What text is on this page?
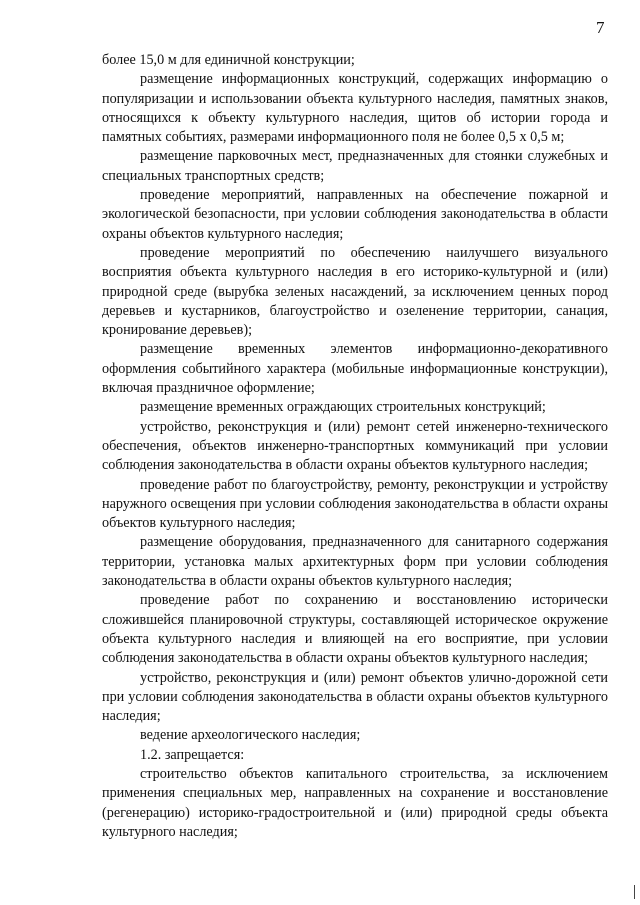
7

более 15,0 м для единичной конструкции;

размещение информационных конструкций, содержащих информацию о популяризации и использовании объекта культурного наследия, памятных знаков, относящихся к объекту культурного наследия, щитов об истории города и памятных событиях, размерами информационного поля не более 0,5 х 0,5 м;

размещение парковочных мест, предназначенных для стоянки служебных и специальных транспортных средств;

проведение мероприятий, направленных на обеспечение пожарной и экологической безопасности, при условии соблюдения законодательства в области охраны объектов культурного наследия;

проведение мероприятий по обеспечению наилучшего визуального восприятия объекта культурного наследия в его историко-культурной и (или) природной среде (вырубка зеленых насаждений, за исключением ценных пород деревьев и кустарников, благоустройство и озеленение территории, санация, кронирование деревьев);

размещение временных элементов информационно-декоративного оформления событийного характера (мобильные информационные конструкции), включая праздничное оформление;

размещение временных ограждающих строительных конструкций;

устройство, реконструкция и (или) ремонт сетей инженерно-технического обеспечения, объектов инженерно-транспортных коммуникаций при условии соблюдения законодательства в области охраны объектов культурного наследия;

проведение работ по благоустройству, ремонту, реконструкции и устройству наружного освещения при условии соблюдения законодательства в области охраны объектов культурного наследия;

размещение оборудования, предназначенного для санитарного содержания территории, установка малых архитектурных форм при условии соблюдения законодательства в области охраны объектов культурного наследия;

проведение работ по сохранению и восстановлению исторически сложившейся планировочной структуры, составляющей историческое окружение объекта культурного наследия и влияющей на его восприятие, при условии соблюдения законодательства в области охраны объектов культурного наследия;

устройство, реконструкция и (или) ремонт объектов улично-дорожной сети при условии соблюдения законодательства в области охраны объектов культурного наследия;

ведение археологического наследия;

1.2. запрещается:

строительство объектов капитального строительства, за исключением применения специальных мер, направленных на сохранение и восстановление (регенерацию) историко-градостроительной и (или) природной среды объекта культурного наследия;
